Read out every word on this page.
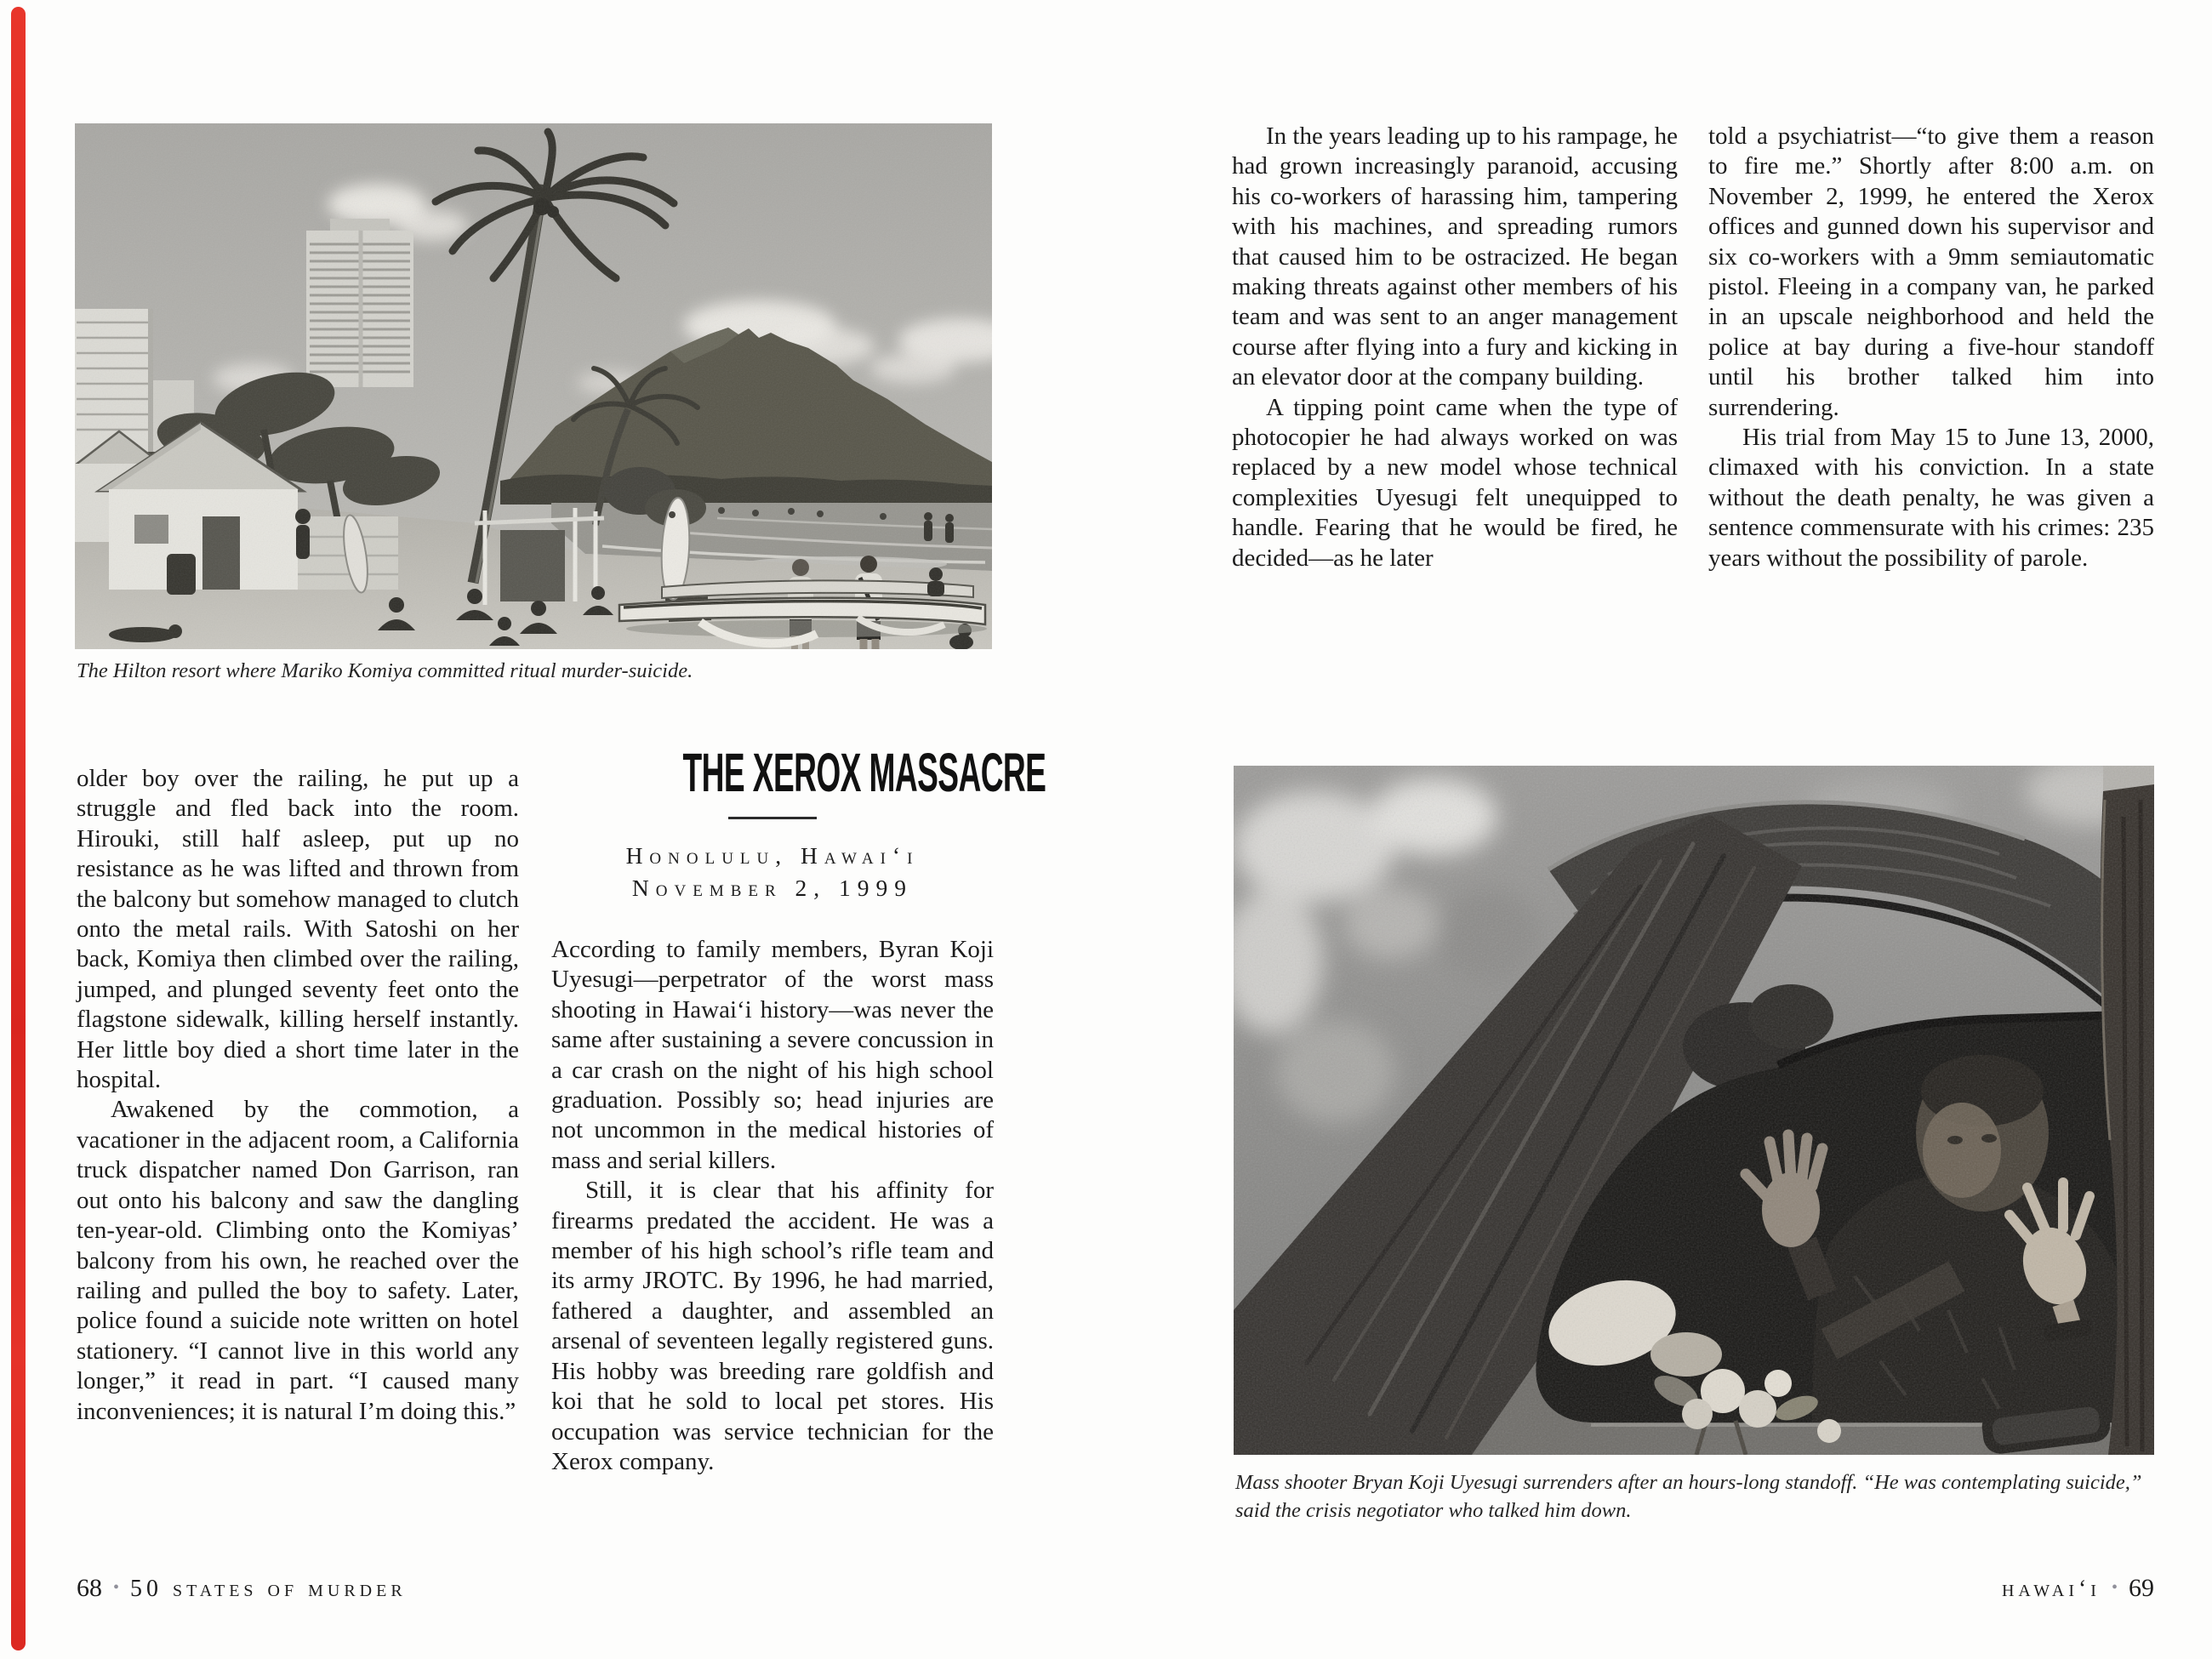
The Hilton resort where Mariko Komiya committed ritual murder-suicide.

older boy over the railing, he put up a struggle and fled back into the room. Hirouki, still half asleep, put up no resistance as he was lifted and thrown from the balcony but somehow managed to clutch onto the metal rails. With Satoshi on her back, Komiya then climbed over the railing, jumped, and plunged seventy feet onto the flagstone sidewalk, killing herself instantly. Her little boy died a short time later in the hospital.

Awakened by the commotion, a vacationer in the adjacent room, a California truck dispatcher named Don Garrison, ran out onto his balcony and saw the dangling ten-year-old. Climbing onto the Komiyas’ balcony from his own, he reached over the railing and pulled the boy to safety. Later, police found a suicide note written on hotel stationery. “I cannot live in this world any longer,” it read in part. “I caused many inconveniences; it is natural I’m doing this.”

THE XEROX MASSACRE
Honolulu, Hawai‘i
November 2, 1999

According to family members, Byran Koji Uyesugi—perpetrator of the worst mass shooting in Hawai‘i history—was never the same after sustaining a severe concussion in a car crash on the night of his high school graduation. Possibly so; head injuries are not uncommon in the medical histories of mass and serial killers.

Still, it is clear that his affinity for firearms predated the accident. He was a member of his high school’s rifle team and its army JROTC. By 1996, he had married, fathered a daughter, and assembled an arsenal of seventeen legally registered guns. His hobby was breeding rare goldfish and koi that he sold to local pet stores. His occupation was service technician for the Xerox company.

68 • 50 states of murder

In the years leading up to his rampage, he had grown increasingly paranoid, accusing his co-workers of harassing him, tampering with his machines, and spreading rumors that caused him to be ostracized. He began making threats against other members of his team and was sent to an anger management course after flying into a fury and kicking in an elevator door at the company building.

A tipping point came when the type of photocopier he had always worked on was replaced by a new model whose technical complexities Uyesugi felt unequipped to handle. Fearing that he would be fired, he decided—as he later

told a psychiatrist—“to give them a reason to fire me.” Shortly after 8:00 a.m. on November 2, 1999, he entered the Xerox offices and gunned down his supervisor and six co-workers with a 9mm semiautomatic pistol. Fleeing in a company van, he parked in an upscale neighborhood and held the police at bay during a five-hour standoff until his brother talked him into surrendering.

His trial from May 15 to June 13, 2000, climaxed with his conviction. In a state without the death penalty, he was given a sentence commensurate with his crimes: 235 years without the possibility of parole.

Mass shooter Bryan Koji Uyesugi surrenders after an hours-long standoff. “He was contemplating suicide,” said the crisis negotiator who talked him down.
hawai‘i • 69
